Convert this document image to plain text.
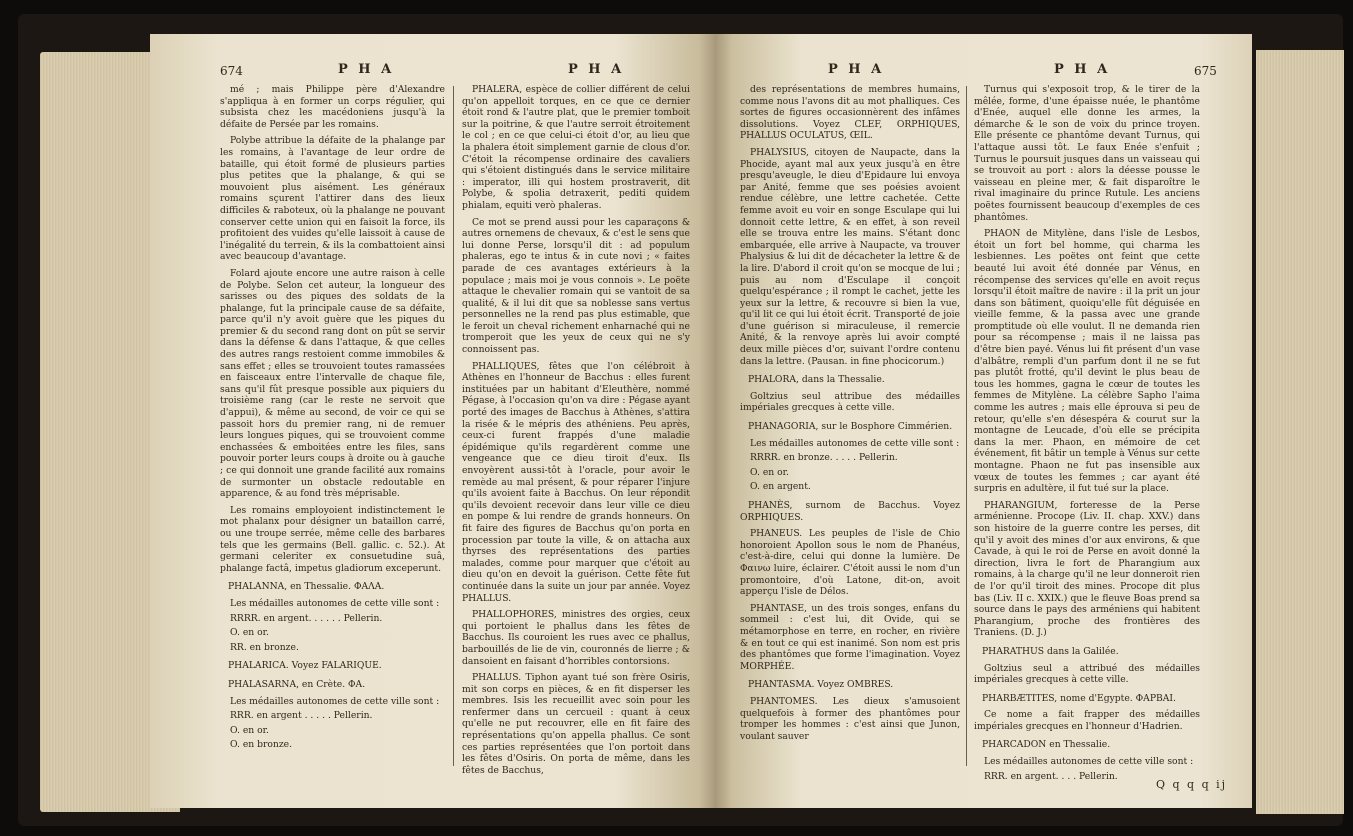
674	P H A	P H A

mé ; mais Philippe père d'Alexandre s'appliqua à en former un corps régulier, qui subsista chez les macédoniens jusqu'à la défaite de Persée par les romains.

Polybe attribue la défaite de la phalange par les romains, à l'avantage de leur ordre de bataille, qui étoit formé de plusieurs parties plus petites que la phalange, & qui se mouvoient plus aisément. Les généraux romains sçurent l'attirer dans des lieux difficiles & raboteux, où la phalange ne pouvant conserver cette union qui en faisoit la force, ils profitoient des vuides qu'elle laissoit à cause de l'inégalité du terrein, & ils la combattoient ainsi avec beaucoup d'avantage.

Folard ajoute encore une autre raison à celle de Polybe. Selon cet auteur, la longueur des sarisses ou des piques des soldats de la phalange, fut la principale cause de sa défaite, parce qu'il n'y avoit guère que les piques du premier & du second rang dont on pût se servir dans la défense & dans l'attaque, & que celles des autres rangs restoient comme immobiles & sans effet ; elles se trouvoient toutes ramassées en faisceaux entre l'intervalle de chaque file, sans qu'il fût presque possible aux piquiers du troisième rang (car le reste ne servoit que d'appui), & même au second, de voir ce qui se passoit hors du premier rang, ni de remuer leurs longues piques, qui se trouvoient comme enchassées & emboitées entre les files, sans pouvoir porter leurs coups à droite ou à gauche ; ce qui donnoit une grande facilité aux romains de surmonter un obstacle redoutable en apparence, & au fond très méprisable.

Les romains employoient indistinctement le mot phalanx pour désigner un bataillon carré, ou une troupe serrée, même celle des barbares tels que les germains (Bell. gallic. c. 52.). At germani celeriter ex consuetudine suâ, phalange factâ, impetus gladiorum exceperunt.

PHALANNA, en Thessalie. ΦΑΛΑ.

Les médailles autonomes de cette ville sont :

RRRR. en argent. . . . . . Pellerin.

O. en or.

RR. en bronze.

PHALARICA. Voyez FALARIQUE.

PHALASARNA, en Crète. ΦΑ.

Les médailles autonomes de cette ville sont :

RRR. en argent . . . . . Pellerin.

O. en or.

O. en bronze.

PHALERA, espèce de collier différent de celui qu'on appelloit torques, en ce que ce dernier étoit rond & l'autre plat, que le premier tomboit sur la poitrine, & que l'autre serroit étroitement le col ; en ce que celui-ci étoit d'or, au lieu que la phalera étoit simplement garnie de clous d'or. C'étoit la récompense ordinaire des cavaliers qui s'étoient distingués dans le service militaire : imperator, illi qui hostem prostraverit, dit Polybe, & spolia detraxerit, pediti quidem phialam, equiti verò phaleras.

Ce mot se prend aussi pour les caparaçons & autres ornemens de chevaux, & c'est le sens que lui donne Perse, lorsqu'il dit : ad populum phaleras, ego te intus & in cute novi ; « faites parade de ces avantages extérieurs à la populace ; mais moi je vous connois ». Le poëte attaque le chevalier romain qui se vantoit de sa qualité, & il lui dit que sa noblesse sans vertus personnelles ne la rend pas plus estimable, que le feroit un cheval richement enharnaché qui ne tromperoit que les yeux de ceux qui ne s'y connoissent pas.

PHALLIQUES, fêtes que l'on célébroit à Athènes en l'honneur de Bacchus : elles furent instituées par un habitant d'Eleuthère, nommé Pégase, à l'occasion qu'on va dire : Pégase ayant porté des images de Bacchus à Athènes, s'attira la risée & le mépris des athéniens. Peu après, ceux-ci furent frappés d'une maladie épidémique qu'ils regardèrent comme une vengeance que ce dieu tiroit d'eux. Ils envoyèrent aussi-tôt à l'oracle, pour avoir le remède au mal présent, & pour réparer l'injure qu'ils avoient faite à Bacchus. On leur répondit qu'ils devoient recevoir dans leur ville ce dieu en pompe & lui rendre de grands honneurs. On fit faire des figures de Bacchus qu'on porta en procession par toute la ville, & on attacha aux thyrses des représentations des parties malades, comme pour marquer que c'étoit au dieu qu'on en devoit la guérison. Cette fête fut continuée dans la suite un jour par année. Voyez PHALLUS.

PHALLOPHORES, ministres des orgies, ceux qui portoient le phallus dans les fêtes de Bacchus. Ils couroient les rues avec ce phallus, barbouillés de lie de vin, couronnés de lierre ; & dansoient en faisant d'horribles contorsions.

PHALLUS. Tiphon ayant tué son frère Osiris, mit son corps en pièces, & en fit disperser les membres. Isis les recueillit avec soin pour les renfermer dans un cercueil : quant à ceux qu'elle ne put recouvrer, elle en fit faire des représentations qu'on appella phallus. Ce sont ces parties représentées que l'on portoit dans les fêtes d'Osiris. On porta de même, dans les fêtes de Bacchus,

P H A	P H A	675

des représentations de membres humains, comme nous l'avons dit au mot phalliques. Ces sortes de figures occasionnèrent des infâmes dissolutions. Voyez CLEF, ORPHIQUES, PHALLUS OCULATUS, ŒIL.

PHALYSIUS, citoyen de Naupacte, dans la Phocide, ayant mal aux yeux jusqu'à en être presqu'aveugle, le dieu d'Epidaure lui envoya par Anité, femme que ses poésies avoient rendue célèbre, une lettre cachetée. Cette femme avoit eu voir en songe Esculape qui lui donnoit cette lettre, & en effet, à son reveil elle se trouva entre les mains. S'étant donc embarquée, elle arrive à Naupacte, va trouver Phalysius & lui dit de décacheter la lettre & de la lire. D'abord il croit qu'on se mocque de lui ; puis au nom d'Esculape il conçoit quelqu'espérance ; il rompt le cachet, jette les yeux sur la lettre, & recouvre si bien la vue, qu'il lit ce qui lui étoit écrit. Transporté de joie d'une guérison si miraculeuse, il remercie Anité, & la renvoye après lui avoir compté deux mille pièces d'or, suivant l'ordre contenu dans la lettre. (Pausan. in fine phocicorum.)

PHALORA, dans la Thessalie.

Goltzius seul attribue des médailles impériales grecques à cette ville.

PHANAGORIA, sur le Bosphore Cimmérien.

Les médailles autonomes de cette ville sont :

RRRR. en bronze. . . . . Pellerin.

O. en or.

O. en argent.

PHANÈS, surnom de Bacchus. Voyez ORPHIQUES.

PHANEUS. Les peuples de l'isle de Chio honoroient Apollon sous le nom de Phanéus, c'est-à-dire, celui qui donne la lumière. De Φαινω luire, éclairer. C'étoit aussi le nom d'un promontoire, d'où Latone, dit-on, avoit apperçu l'isle de Délos.

PHANTASE, un des trois songes, enfans du sommeil : c'est lui, dit Ovide, qui se métamorphose en terre, en rocher, en rivière & en tout ce qui est inanimé. Son nom est pris des phantômes que forme l'imagination. Voyez MORPHÉE.

PHANTASMA. Voyez OMBRES.

PHANTOMES. Les dieux s'amusoient quelquefois à former des phantômes pour tromper les hommes : c'est ainsi que Junon, voulant sauver

Turnus qui s'exposoit trop, & le tirer de la mêlée, forme, d'une épaisse nuée, le phantôme d'Enée, auquel elle donne les armes, la démarche & le son de voix du prince troyen. Elle présente ce phantôme devant Turnus, qui l'attaque aussi tôt. Le faux Enée s'enfuit ; Turnus le poursuit jusques dans un vaisseau qui se trouvoit au port : alors la déesse pousse le vaisseau en pleine mer, & fait disparoître le rival imaginaire du prince Rutule. Les anciens poëtes fournissent beaucoup d'exemples de ces phantômes.

PHAON de Mitylène, dans l'isle de Lesbos, étoit un fort bel homme, qui charma les lesbiennes. Les poëtes ont feint que cette beauté lui avoit été donnée par Vénus, en récompense des services qu'elle en avoit reçus lorsqu'il étoit maître de navire : il la prit un jour dans son bâtiment, quoiqu'elle fût déguisée en vieille femme, & la passa avec une grande promptitude où elle voulut. Il ne demanda rien pour sa récompense ; mais il ne laissa pas d'être bien payé. Vénus lui fit présent d'un vase d'albâtre, rempli d'un parfum dont il ne se fut pas plutôt frotté, qu'il devint le plus beau de tous les hommes, gagna le cœur de toutes les femmes de Mitylène. La célèbre Sapho l'aima comme les autres ; mais elle éprouva si peu de retour, qu'elle s'en désespéra & courut sur la montagne de Leucade, d'où elle se précipita dans la mer. Phaon, en mémoire de cet événement, fit bâtir un temple à Vénus sur cette montagne. Phaon ne fut pas insensible aux vœux de toutes les femmes ; car ayant été surpris en adultère, il fut tué sur la place.

PHARANGIUM, forteresse de la Perse arménienne. Procope (Liv. II. chap. XXV.) dans son histoire de la guerre contre les perses, dit qu'il y avoit des mines d'or aux environs, & que Cavade, à qui le roi de Perse en avoit donné la direction, livra le fort de Pharangium aux romains, à la charge qu'il ne leur donneroit rien de l'or qu'il tiroit des mines. Procope dit plus bas (Liv. II c. XXIX.) que le fleuve Boas prend sa source dans le pays des arméniens qui habitent Pharangium, proche des frontières des Traniens. (D. J.)

PHARATHUS dans la Galilée.

Goltzius seul a attribué des médailles impériales grecques à cette ville.

PHARBÆTITES, nome d'Egypte. ΦΑΡΒΑΙ.

Ce nome a fait frapper des médailles impériales grecques en l'honneur d'Hadrien.

PHARCADON en Thessalie.

Les médailles autonomes de cette ville sont :

RRR. en argent. . . . Pellerin.

Q q q q ij
